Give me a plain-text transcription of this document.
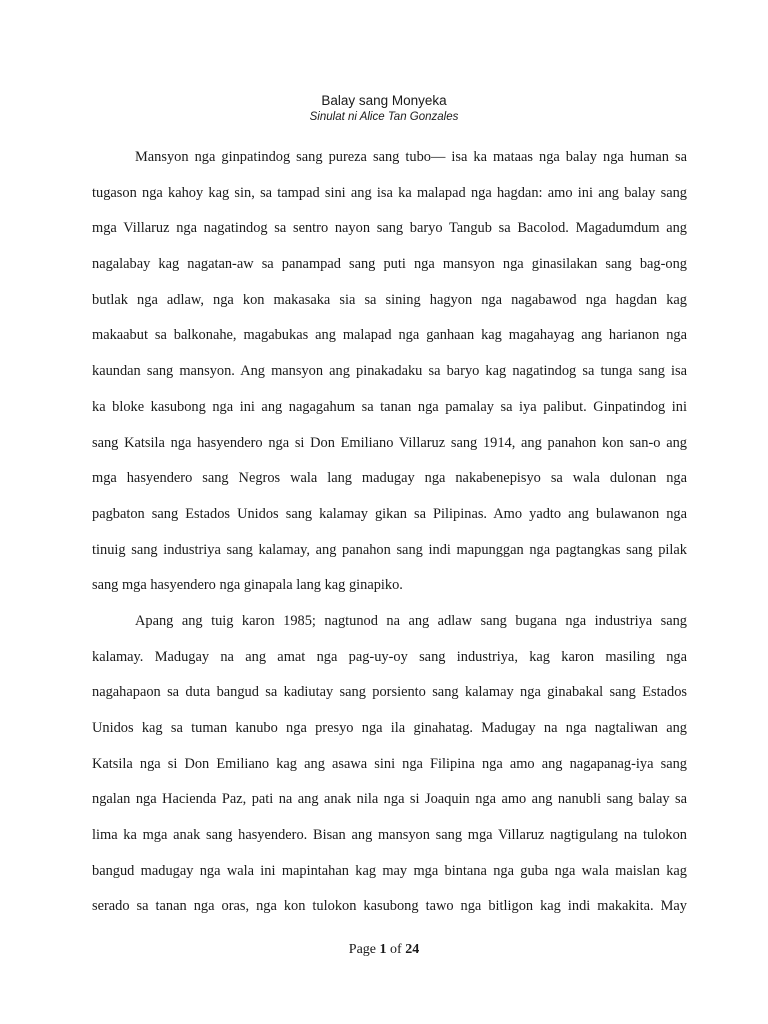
Balay sang Monyeka
Sinulat ni Alice Tan Gonzales
Mansyon nga ginpatindog sang pureza sang tubo— isa ka mataas nga balay nga human sa
tugason nga kahoy kag sin, sa tampad sini ang isa ka malapad nga hagdan: amo ini ang balay sang
mga Villaruz nga nagatindog sa sentro nayon sang baryo Tangub sa Bacolod. Magadumdum ang
nagalabay kag nagatan-aw sa panampad sang puti nga mansyon nga ginasilakan sang bag-ong
butlak nga adlaw, nga kon makasaka sia sa sining hagyon nga nagabawod nga hagdan kag
makaabut sa balkonahe, magabukas ang malapad nga ganhaan kag magahayag ang harianon nga
kaundan sang mansyon. Ang mansyon ang pinakadaku sa baryo kag nagatindog sa tunga sang isa
ka bloke kasubong nga ini ang nagagahum sa tanan nga pamalay sa iya palibut. Ginpatindog ini
sang Katsila nga hasyendero nga si Don Emiliano Villaruz sang 1914, ang panahon kon san-o ang
mga hasyendero sang Negros wala lang madugay nga nakabenepisyo sa wala dulonan nga
pagbaton sang Estados Unidos sang kalamay gikan sa Pilipinas. Amo yadto ang bulawanon nga
tinuig sang industriya sang kalamay, ang panahon sang indi mapunggan nga pagtangkas sang pilak
sang mga hasyendero nga ginapala lang kag ginapiko.
Apang ang tuig karon 1985; nagtunod na ang adlaw sang bugana nga industriya sang
kalamay. Madugay na ang amat nga pag-uy-oy sang industriya, kag karon masiling nga
nagahapaon sa duta bangud sa kadiutay sang porsiento sang kalamay nga ginabakal sang Estados
Unidos kag sa tuman kanubo nga presyo nga ila ginahatag. Madugay na nga nagtaliwan ang
Katsila nga si Don Emiliano kag ang asawa sini nga Filipina nga amo ang nagapanag-iya sang
ngalan nga Hacienda Paz, pati na ang anak nila nga si Joaquin nga amo ang nanubli sang balay sa
lima ka mga anak sang hasyendero. Bisan ang mansyon sang mga Villaruz nagtigulang na tulokon
bangud madugay nga wala ini mapintahan kag may mga bintana nga guba nga wala maislan kag
serado sa tanan nga oras, nga kon tulokon kasubong tawo nga bitligon kag indi makakita. May
Page 1 of 24
